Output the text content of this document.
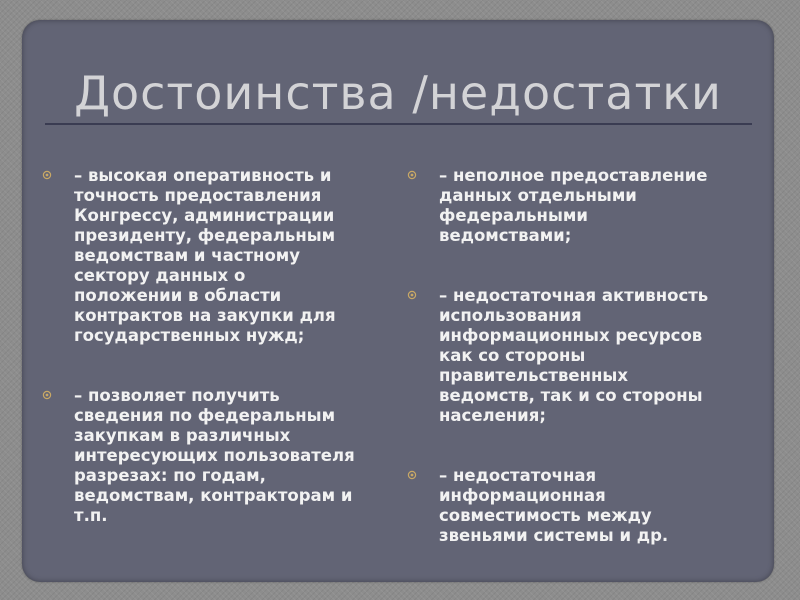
Достоинства /недостатки

– высокая оперативность и
точность предоставления
Конгрессу, администрации
президенту, федеральным
ведомствам и частному
сектору данных о
положении в области
контрактов на закупки для
государственных нужд;

– позволяет получить
сведения по федеральным
закупкам в различных
интересующих пользователя
разрезах: по годам,
ведомствам, контракторам и
т.п.

– неполное предоставление
данных отдельными
федеральными
ведомствами;

– недостаточная активность
использования
информационных ресурсов
как со стороны
правительственных
ведомств, так и со стороны
населения;

– недостаточная
информационная
совместимость между
звеньями системы и др.
